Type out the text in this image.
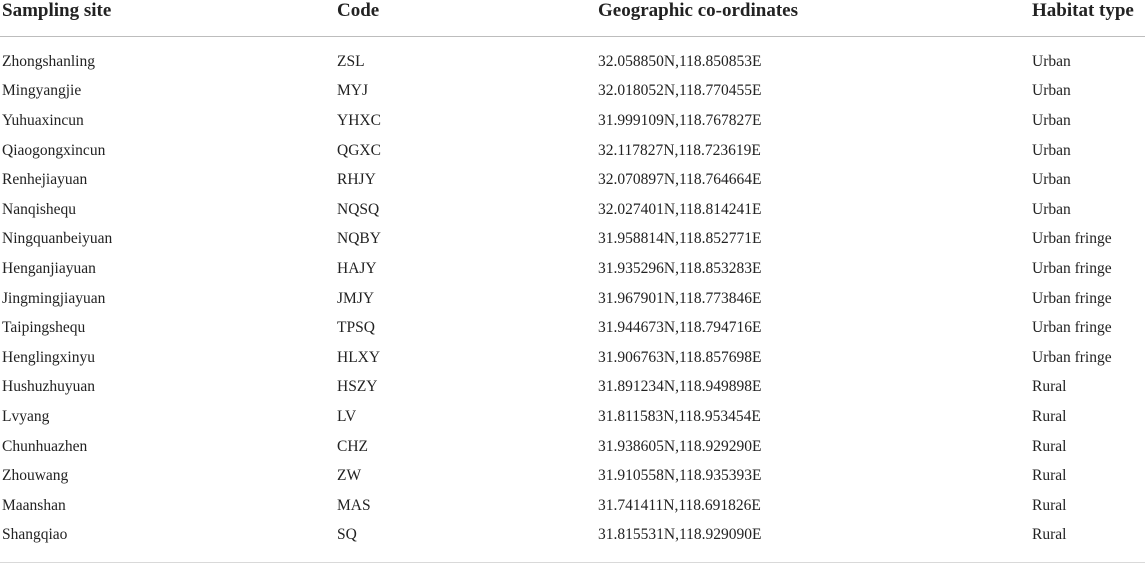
Sampling site	Code	Geographic co-ordinates	Habitat type

Zhongshanling	ZSL	32.058850N,118.850853E	Urban
Mingyangjie	MYJ	32.018052N,118.770455E	Urban
Yuhuaxincun	YHXC	31.999109N,118.767827E	Urban
Qiaogongxincun	QGXC	32.117827N,118.723619E	Urban
Renhejiayuan	RHJY	32.070897N,118.764664E	Urban
Nanqishequ	NQSQ	32.027401N,118.814241E	Urban
Ningquanbeiyuan	NQBY	31.958814N,118.852771E	Urban fringe
Henganjiayuan	HAJY	31.935296N,118.853283E	Urban fringe
Jingmingjiayuan	JMJY	31.967901N,118.773846E	Urban fringe
Taipingshequ	TPSQ	31.944673N,118.794716E	Urban fringe
Henglingxinyu	HLXY	31.906763N,118.857698E	Urban fringe
Hushuzhuyuan	HSZY	31.891234N,118.949898E	Rural
Lvyang	LV	31.811583N,118.953454E	Rural
Chunhuazhen	CHZ	31.938605N,118.929290E	Rural
Zhouwang	ZW	31.910558N,118.935393E	Rural
Maanshan	MAS	31.741411N,118.691826E	Rural
Shangqiao	SQ	31.815531N,118.929090E	Rural
